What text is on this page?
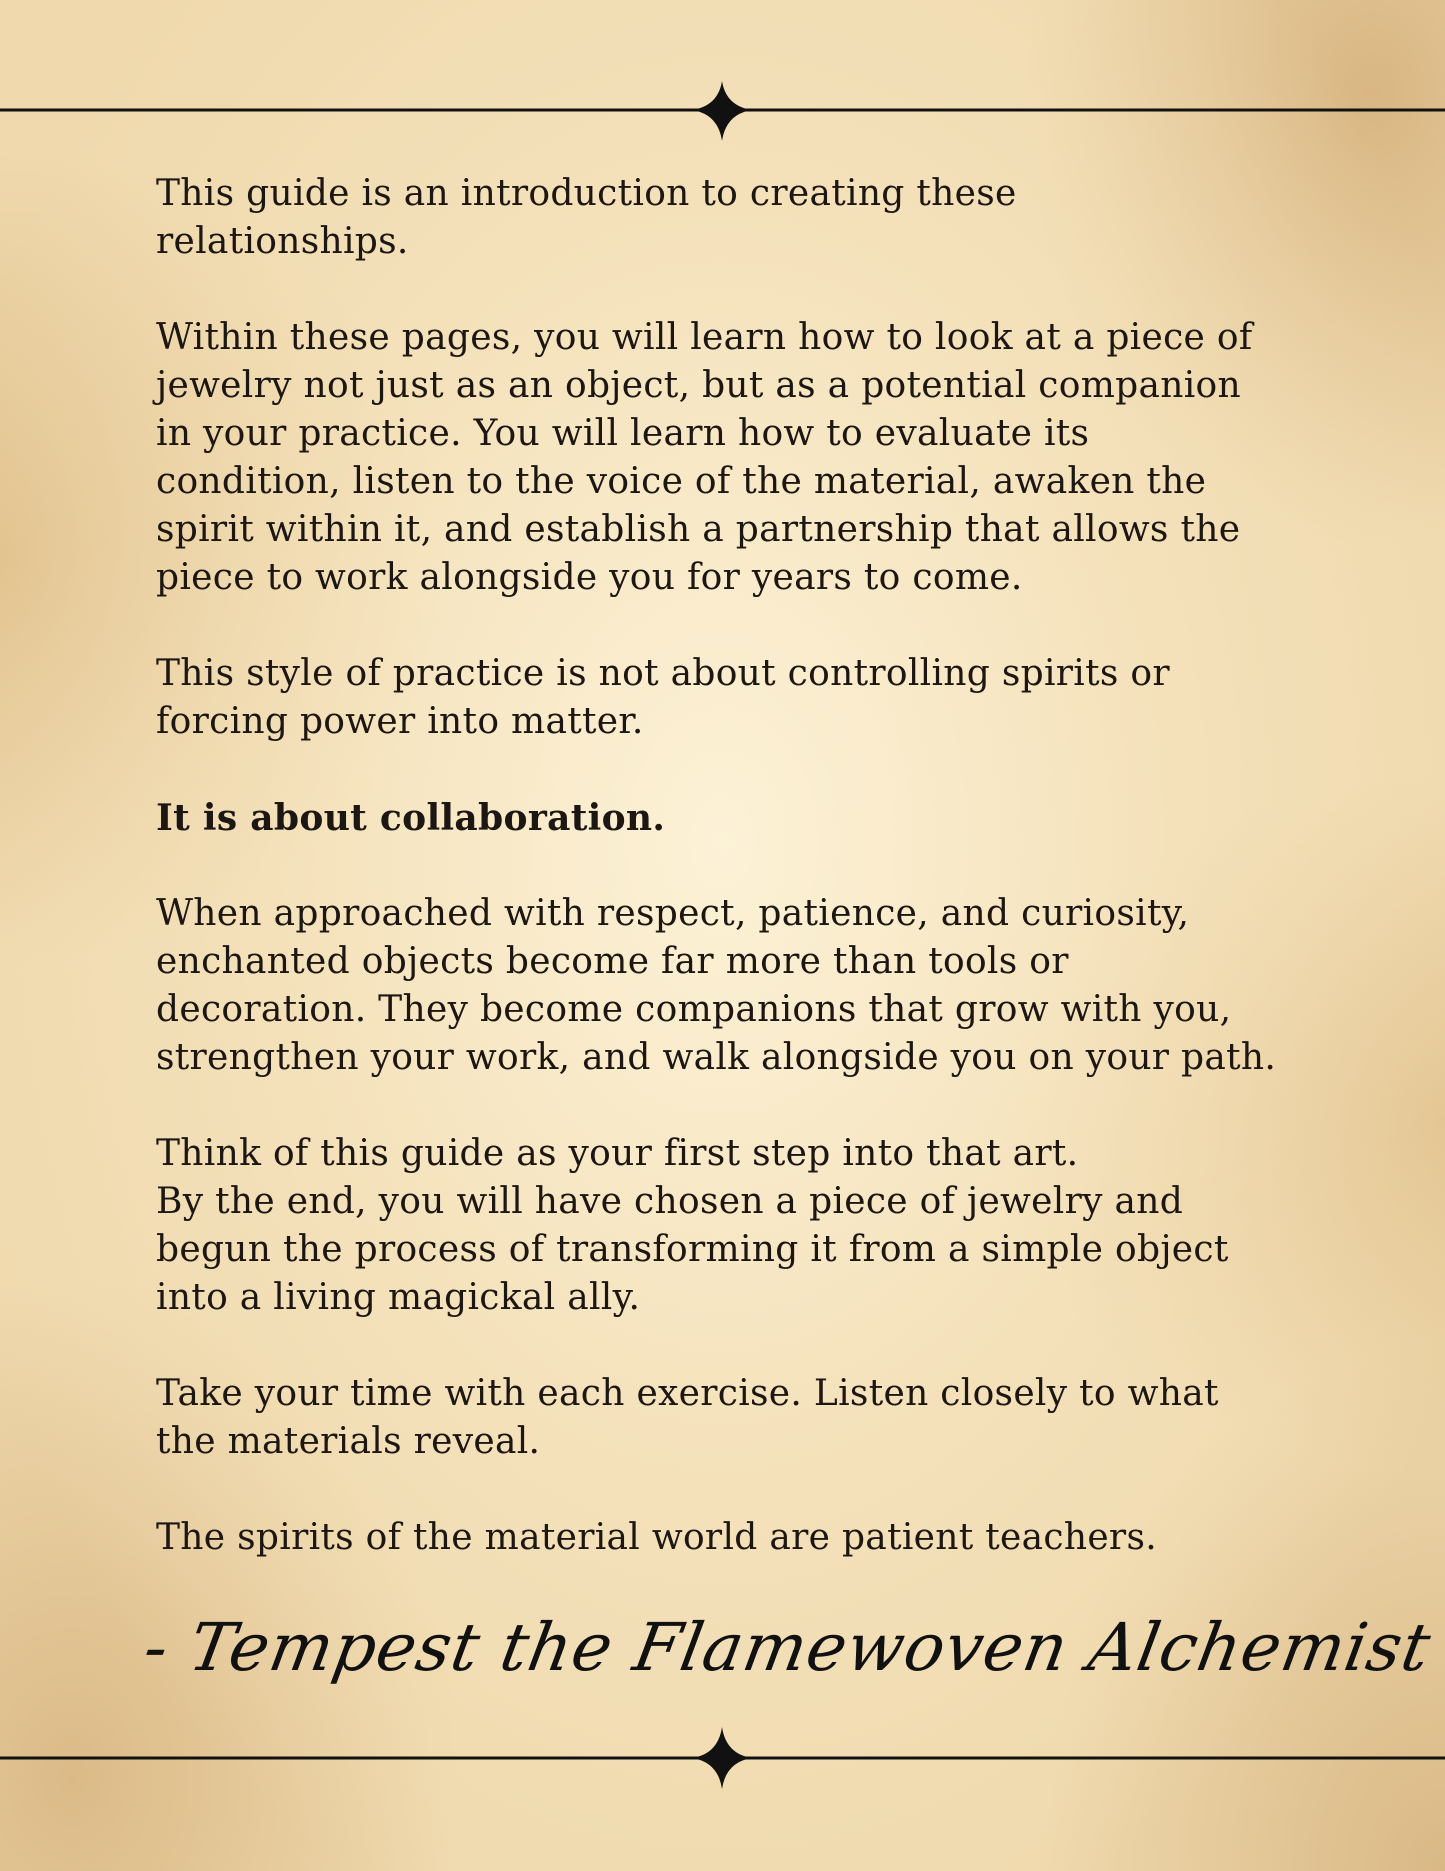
This guide is an introduction to creating these
relationships.

Within these pages, you will learn how to look at a piece of
jewelry not just as an object, but as a potential companion
in your practice. You will learn how to evaluate its
condition, listen to the voice of the material, awaken the
spirit within it, and establish a partnership that allows the
piece to work alongside you for years to come.

This style of practice is not about controlling spirits or
forcing power into matter.

It is about collaboration.

When approached with respect, patience, and curiosity,
enchanted objects become far more than tools or
decoration. They become companions that grow with you,
strengthen your work, and walk alongside you on your path.

Think of this guide as your first step into that art.
By the end, you will have chosen a piece of jewelry and
begun the process of transforming it from a simple object
into a living magickal ally.

Take your time with each exercise. Listen closely to what
the materials reveal.

The spirits of the material world are patient teachers.

- Tempest the Flamewoven Alchemist
